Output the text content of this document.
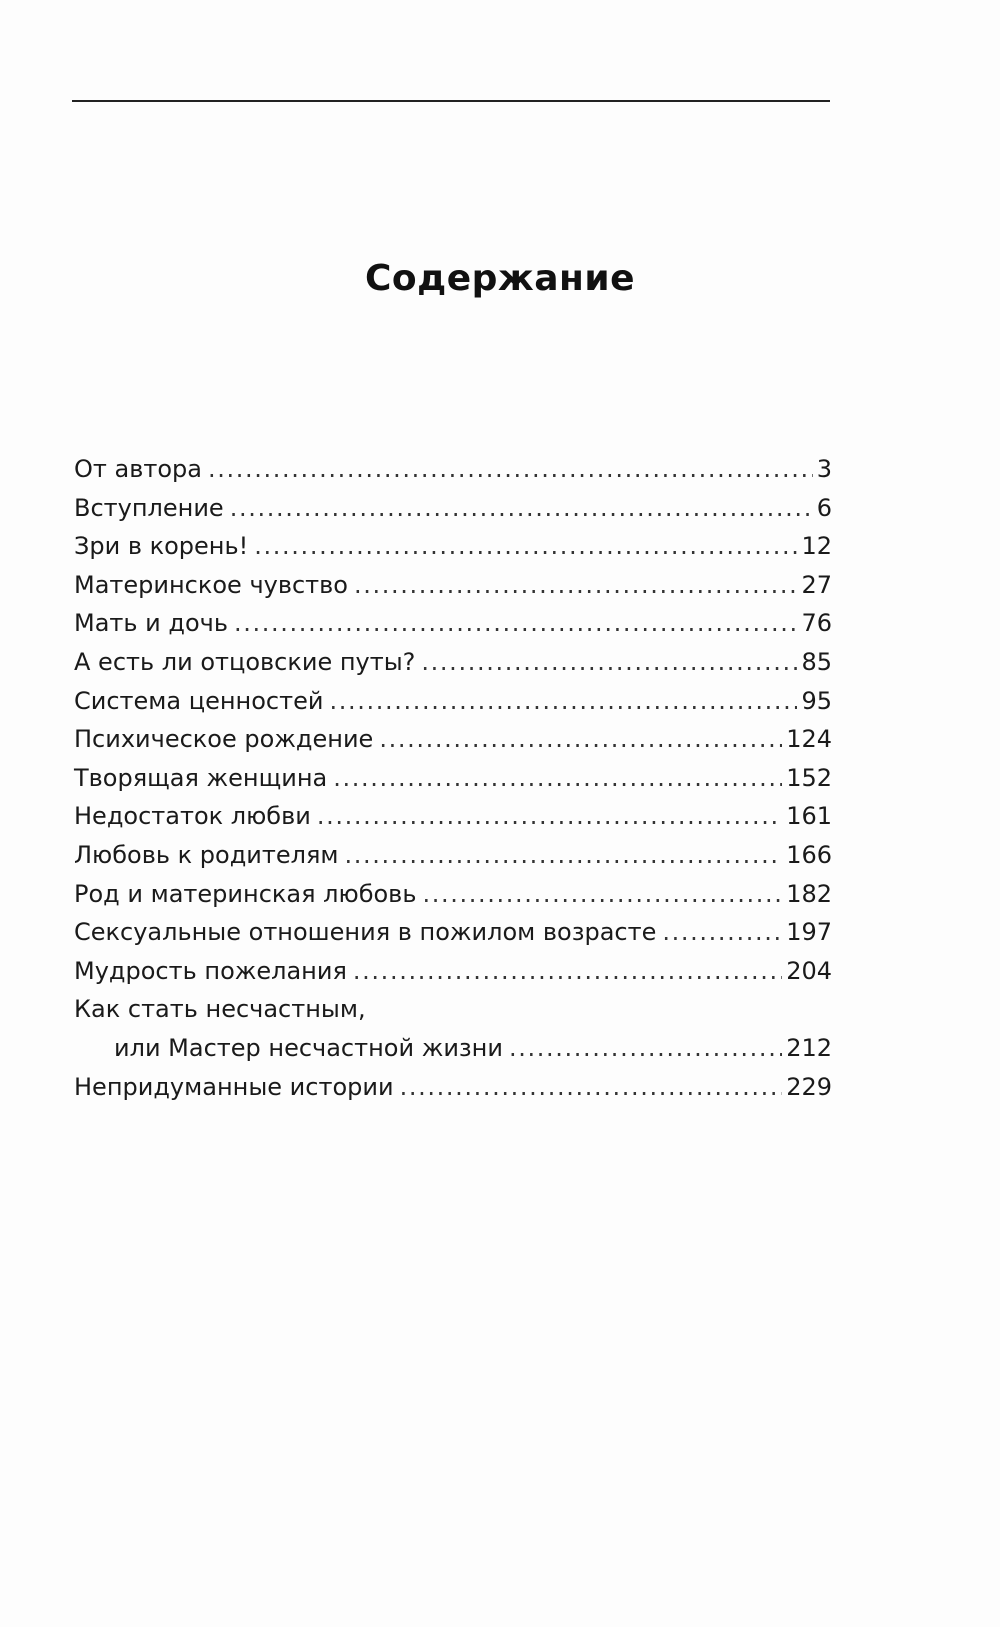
Содержание
От автора . . .	3
Вступление . . .	6
Зри в корень! . . .	12
Материнское чувство . . .	27
Мать и дочь . . .	76
А есть ли отцовские путы? . . .	85
Система ценностей . . .	95
Психическое рождение . . .	124
Творящая женщина . . .	152
Недостаток любви . . .	161
Любовь к родителям . . .	166
Род и материнская любовь . . .	182
Сексуальные отношения в пожилом возрасте . . .	197
Мудрость пожелания . . .	204
Как стать несчастным,
или Мастер несчастной жизни . . .	212
Непридуманные истории . . .	229
